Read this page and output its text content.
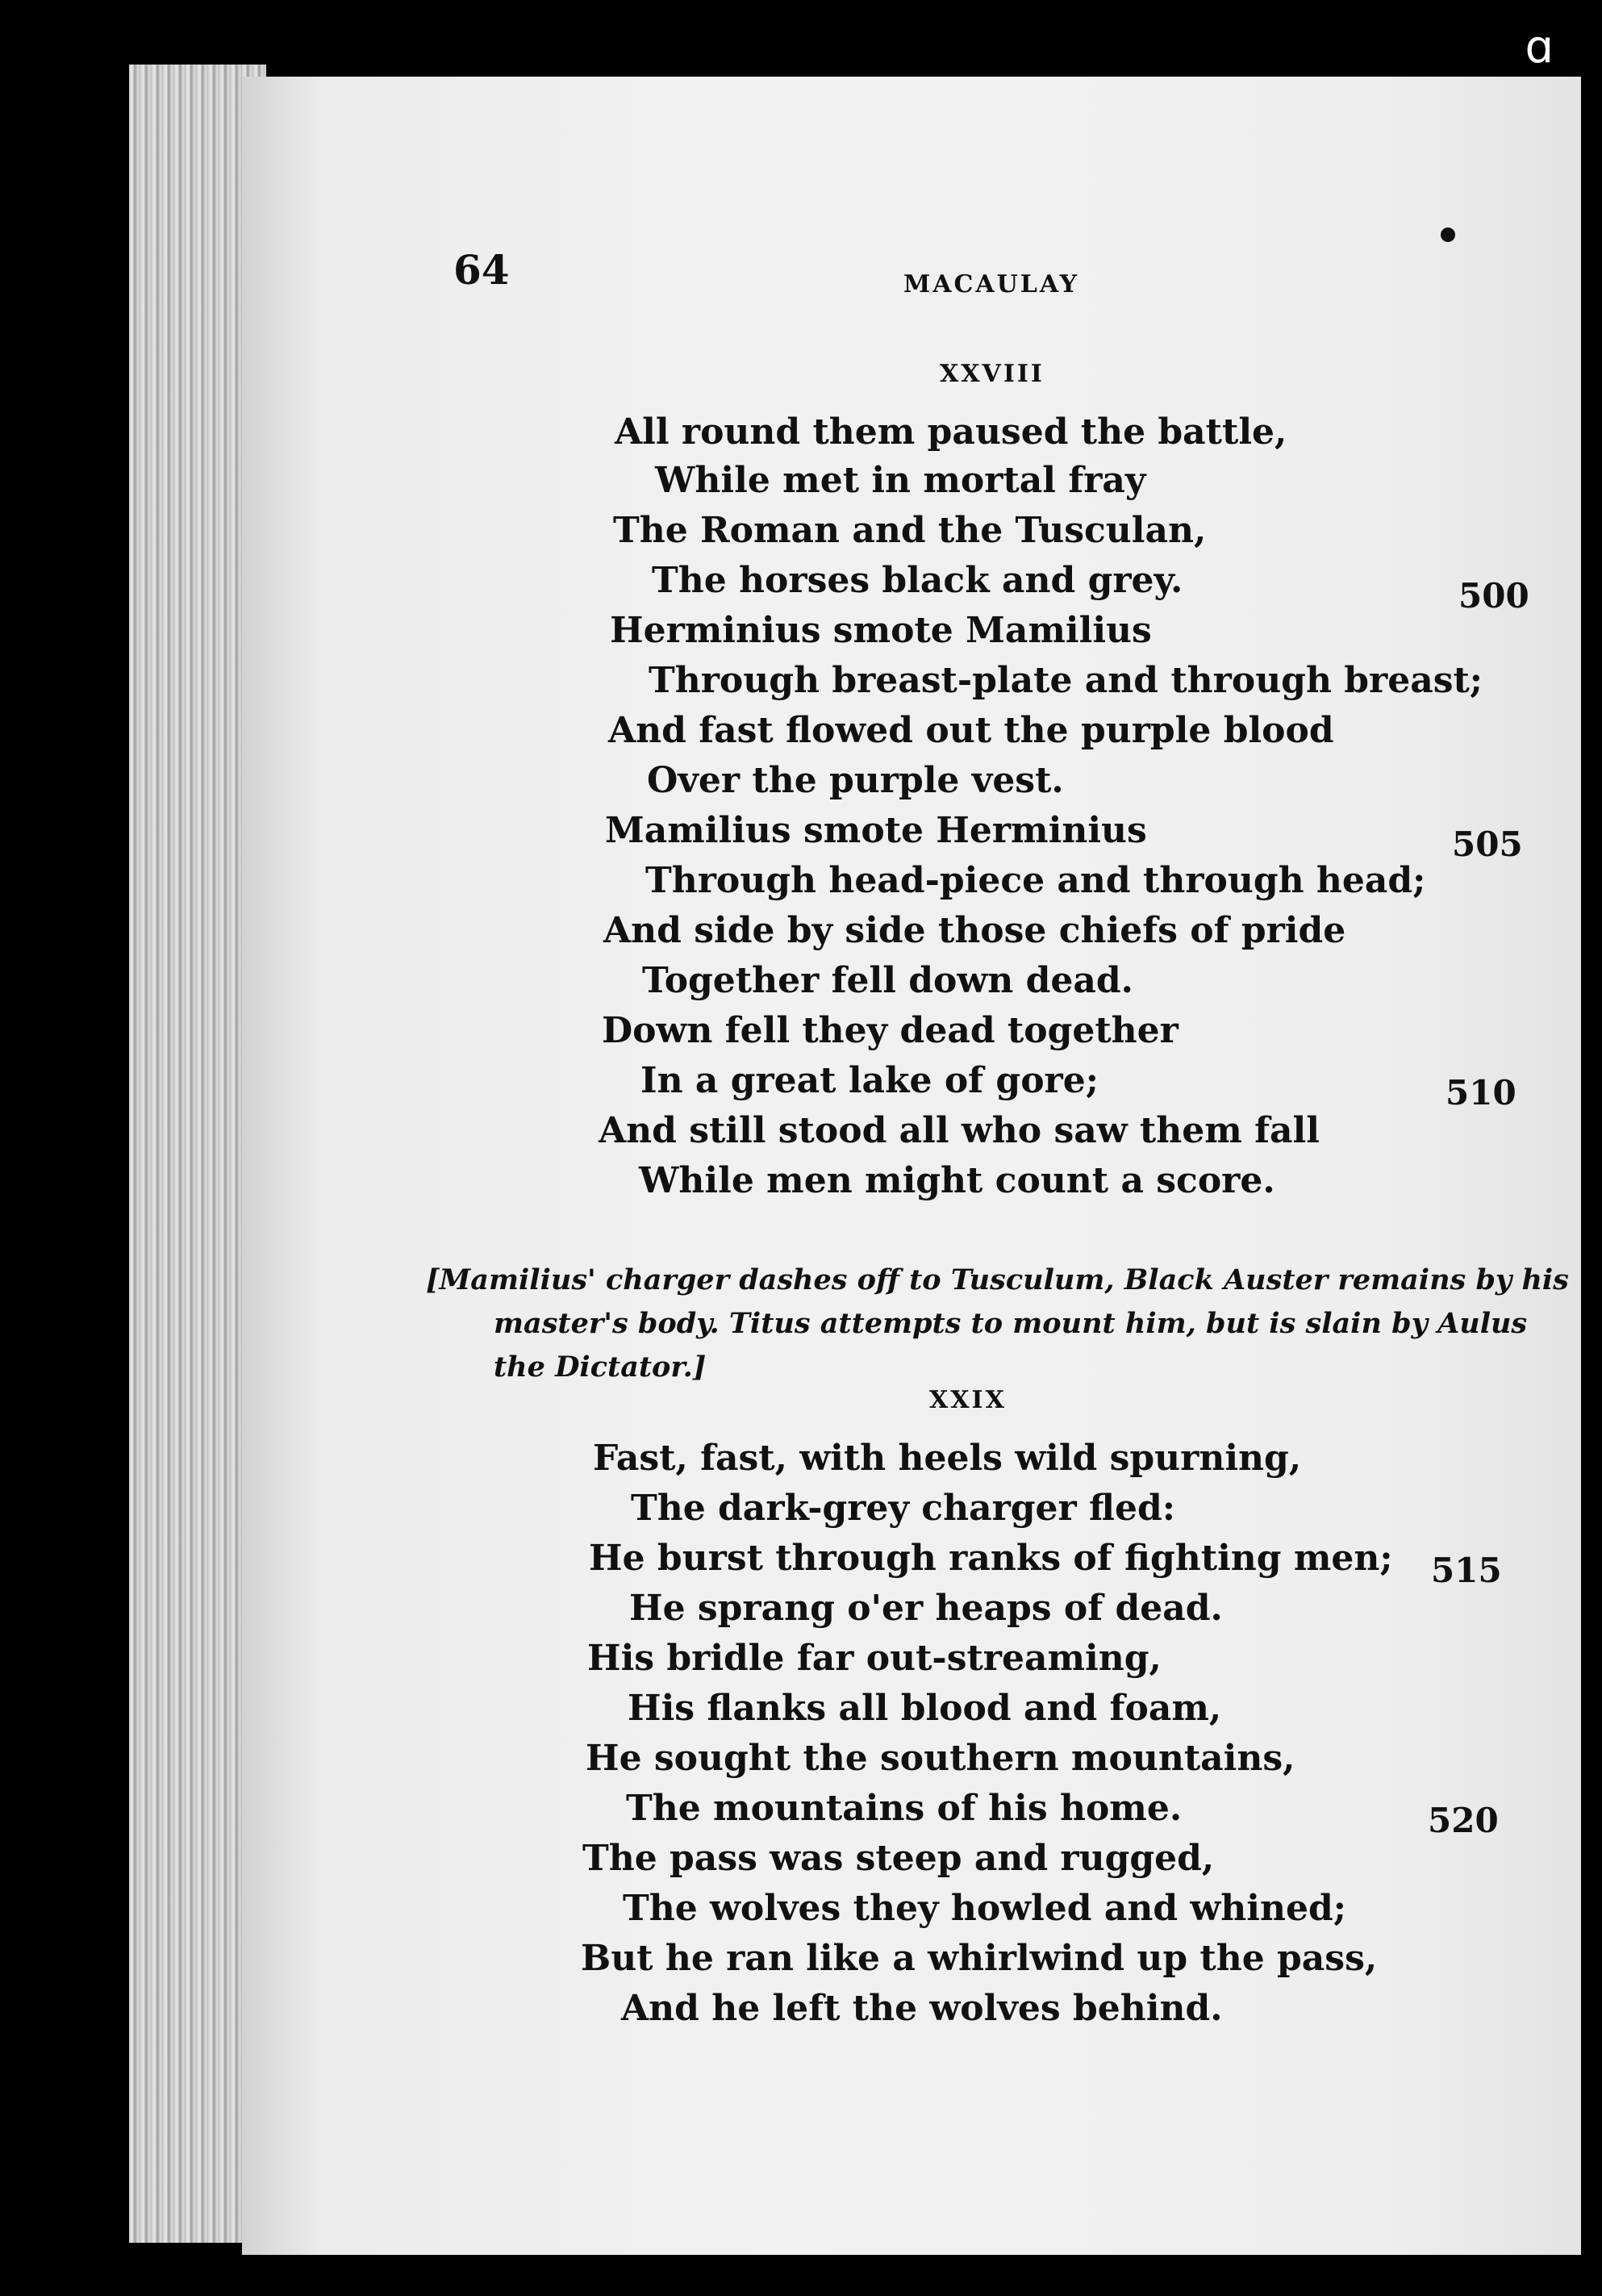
ɑ
64	MACAULAY
XXVIII
All round them paused the battle,
While met in mortal fray
The Roman and the Tusculan,
The horses black and grey.
Herminius smote Mamilius
Through breast-plate and through breast;
And fast flowed out the purple blood
Over the purple vest.
Mamilius smote Herminius
Through head-piece and through head;
And side by side those chiefs of pride
Together fell down dead.
Down fell they dead together
In a great lake of gore;
And still stood all who saw them fall
While men might count a score.
500
505
510
[Mamilius' charger dashes off to Tusculum, Black Auster remains by his
master's body. Titus attempts to mount him, but is slain by Aulus
the Dictator.]
XXIX
Fast, fast, with heels wild spurning,
The dark-grey charger fled:
He burst through ranks of fighting men;
He sprang o'er heaps of dead.
His bridle far out-streaming,
His flanks all blood and foam,
He sought the southern mountains,
The mountains of his home.
The pass was steep and rugged,
The wolves they howled and whined;
But he ran like a whirlwind up the pass,
And he left the wolves behind.
515
520
